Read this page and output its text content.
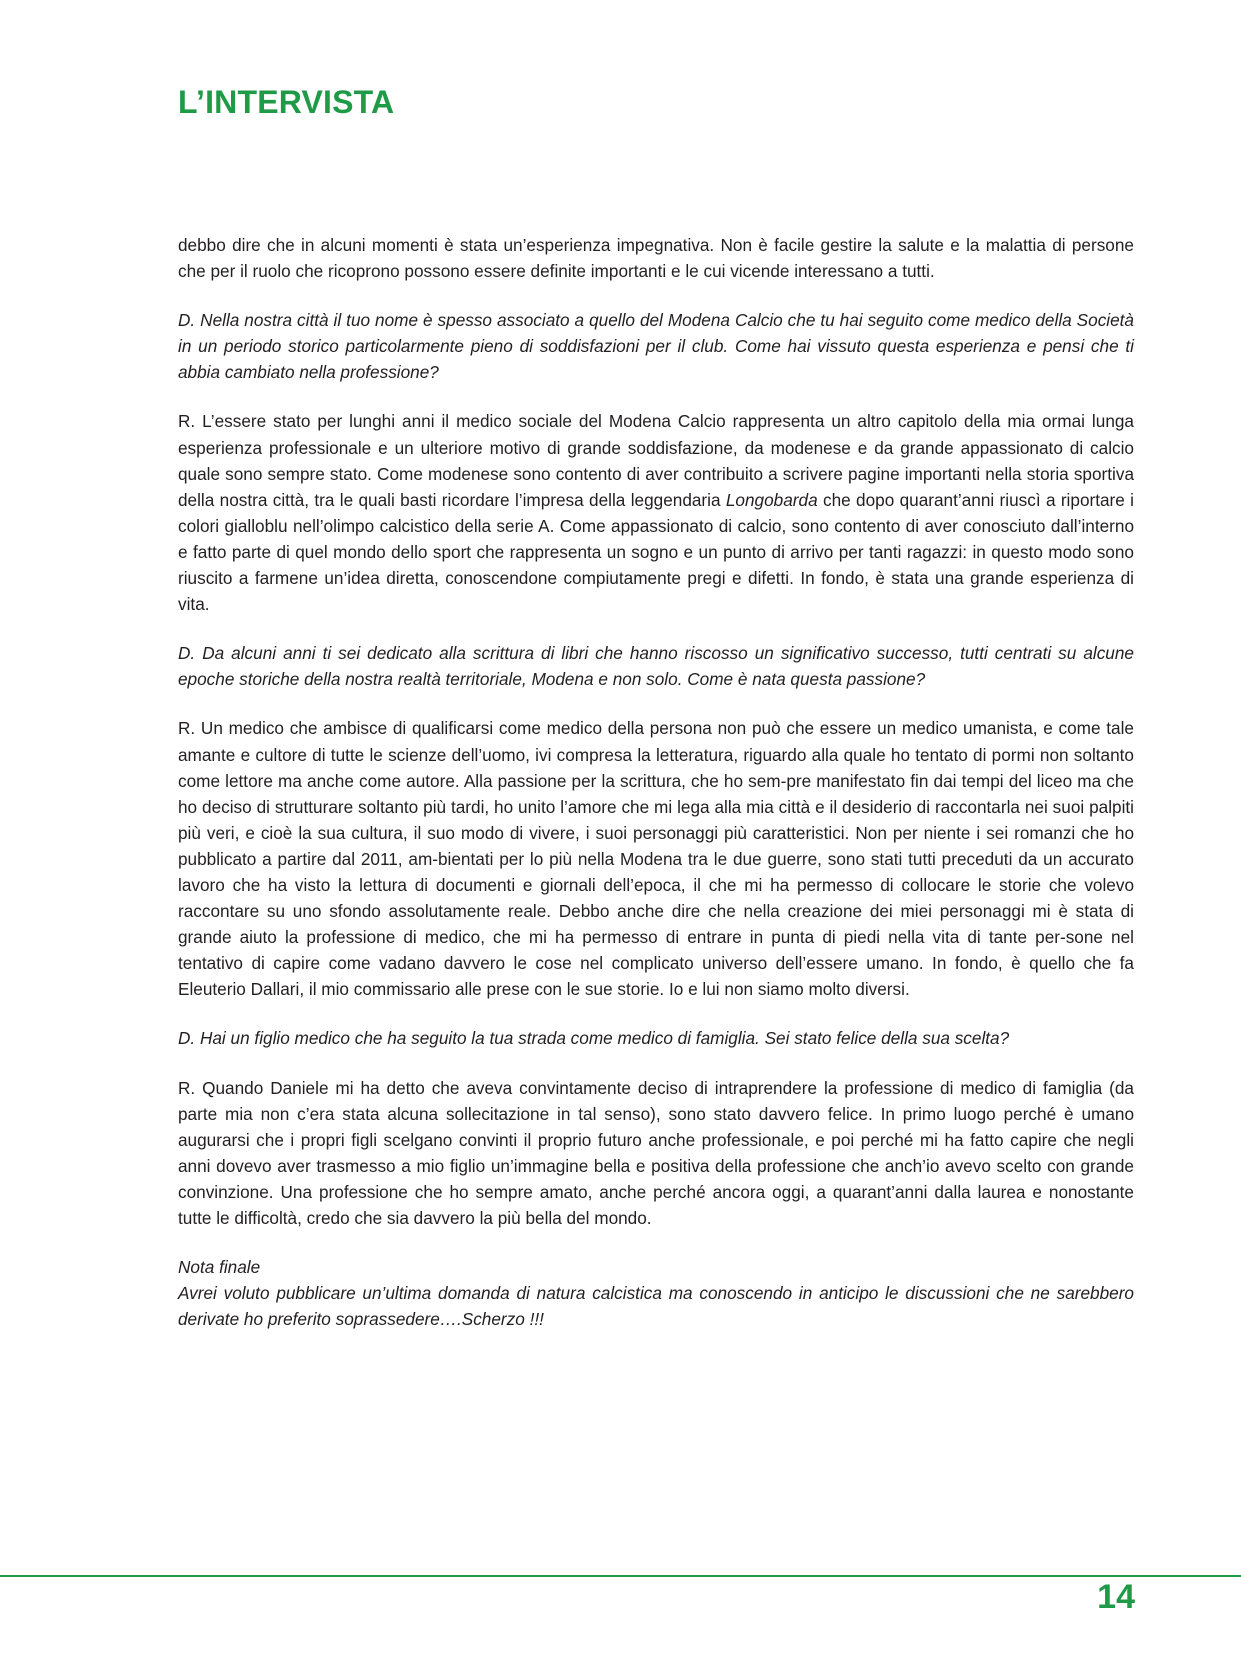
L’INTERVISTA

debbo dire che in alcuni momenti è stata un’esperienza impegnativa. Non è facile gestire la salute e la malattia di persone che per il ruolo che ricoprono possono essere definite importanti e le cui vicende interessano a tutti.

D. Nella nostra città il tuo nome è spesso associato a quello del Modena Calcio che tu hai seguito come medico della Società in un periodo storico particolarmente pieno di soddisfazioni per il club. Come hai vissuto questa esperienza e pensi che ti abbia cambiato nella professione?

R. L’essere stato per lunghi anni il medico sociale del Modena Calcio rappresenta un altro capitolo della mia ormai lunga esperienza professionale e un ulteriore motivo di grande soddisfazione, da modenese e da grande appassionato di calcio quale sono sempre stato. Come modenese sono contento di aver contribuito a scrivere pagine importanti nella storia sportiva della nostra città, tra le quali basti ricordare l’impresa della leggendaria Longobarda che dopo quarant’anni riuscì a riportare i colori gialloblu nell’olimpo calcistico della serie A. Come appassionato di calcio, sono contento di aver conosciuto dall’interno e fatto parte di quel mondo dello sport che rappresenta un sogno e un punto di arrivo per tanti ragazzi: in questo modo sono riuscito a farmene un’idea diretta, conoscendone compiutamente pregi e difetti. In fondo, è stata una grande esperienza di vita.

D. Da alcuni anni ti sei dedicato alla scrittura di libri che hanno riscosso un significativo successo, tutti centrati su alcune epoche storiche della nostra realtà territoriale, Modena e non solo. Come è nata questa passione?

R. Un medico che ambisce di qualificarsi come medico della persona non può che essere un medico umanista, e come tale amante e cultore di tutte le scienze dell’uomo, ivi compresa la letteratura, riguardo alla quale ho tentato di pormi non soltanto come lettore ma anche come autore. Alla passione per la scrittura, che ho sem-pre manifestato fin dai tempi del liceo ma che ho deciso di strutturare soltanto più tardi, ho unito l’amore che mi lega alla mia città e il desiderio di raccontarla nei suoi palpiti più veri, e cioè la sua cultura, il suo modo di vivere, i suoi personaggi più caratteristici. Non per niente i sei romanzi che ho pubblicato a partire dal 2011, am-bientati per lo più nella Modena tra le due guerre, sono stati tutti preceduti da un accurato lavoro che ha visto la lettura di documenti e giornali dell’epoca, il che mi ha permesso di collocare le storie che volevo raccontare su uno sfondo assolutamente reale. Debbo anche dire che nella creazione dei miei personaggi mi è stata di grande aiuto la professione di medico, che mi ha permesso di entrare in punta di piedi nella vita di tante per-sone nel tentativo di capire come vadano davvero le cose nel complicato universo dell’essere umano. In fondo, è quello che fa Eleuterio Dallari, il mio commissario alle prese con le sue storie. Io e lui non siamo molto diversi.

D. Hai un figlio medico che ha seguito la tua strada come medico di famiglia. Sei stato felice della sua scelta?

R. Quando Daniele mi ha detto che aveva convintamente deciso di intraprendere la professione di medico di famiglia (da parte mia non c’era stata alcuna sollecitazione in tal senso), sono stato davvero felice. In primo luogo perché è umano augurarsi che i propri figli scelgano convinti il proprio futuro anche professionale, e poi perché mi ha fatto capire che negli anni dovevo aver trasmesso a mio figlio un’immagine bella e positiva della professione che anch’io avevo scelto con grande convinzione. Una professione che ho sempre amato, anche perché ancora oggi, a quarant’anni dalla laurea e nonostante tutte le difficoltà, credo che sia davvero la più bella del mondo.

Nota finale

Avrei voluto pubblicare un’ultima domanda di natura calcistica ma conoscendo in anticipo le discussioni che ne sarebbero derivate ho preferito soprassedere….Scherzo !!!

14
